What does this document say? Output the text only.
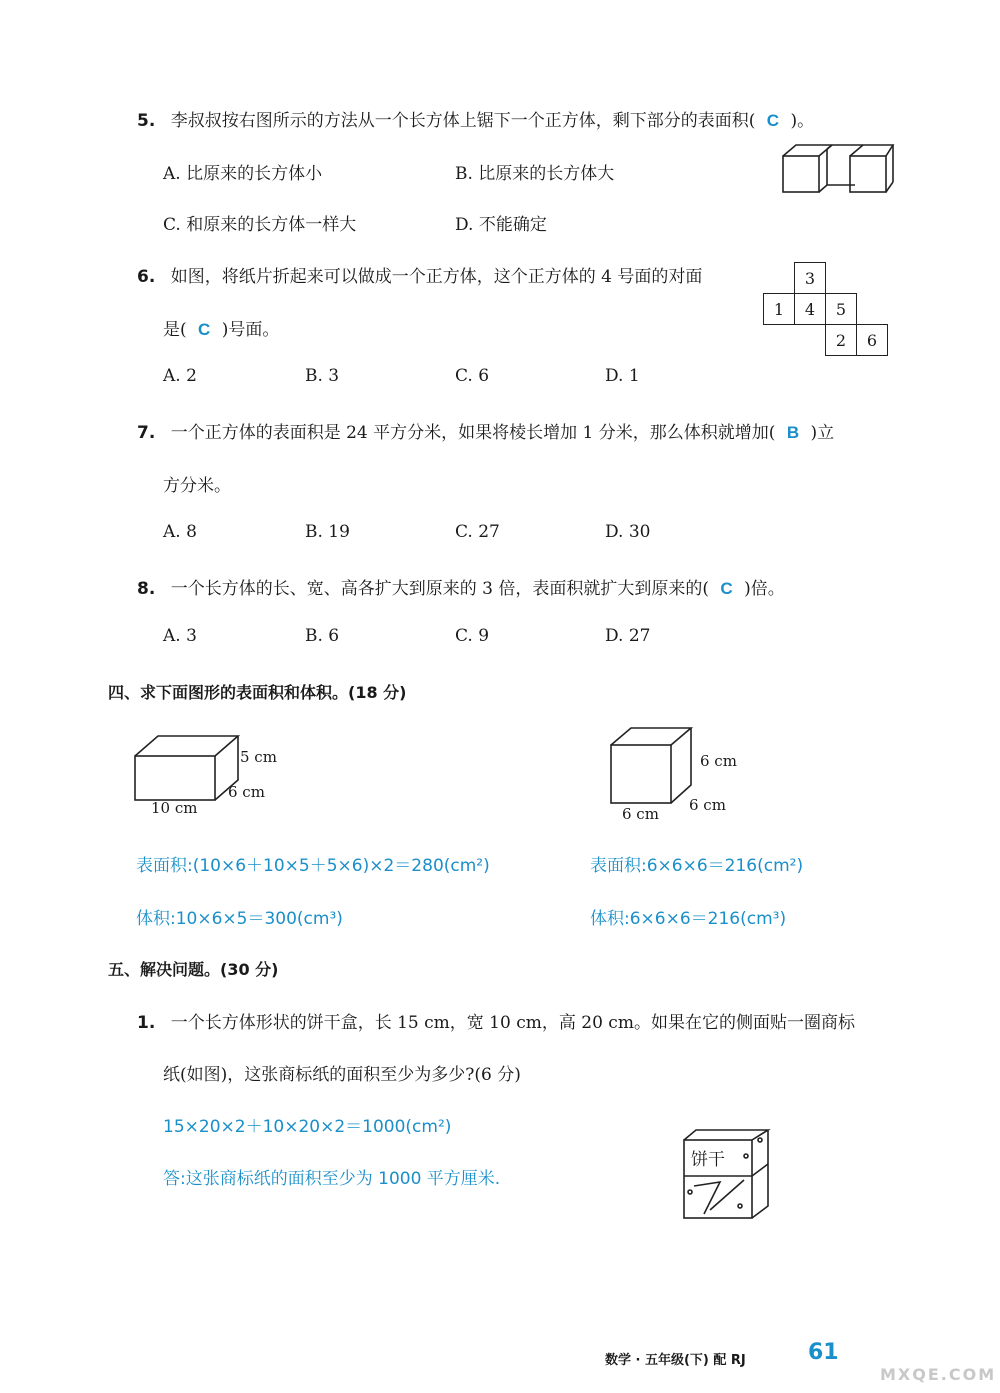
5. 李叔叔按右图所示的方法从一个长方体上锯下一个正方体，剩下部分的表面积( C )。
A. 比原来的长方体小	B. 比原来的长方体大
C. 和原来的长方体一样大	D. 不能确定
6. 如图，将纸片折起来可以做成一个正方体，这个正方体的 4 号面的对面
是( C )号面。
A. 2	B. 3	C. 6	D. 1
	3		
1	4	5	
		2	6
7. 一个正方体的表面积是 24 平方分米，如果将棱长增加 1 分米，那么体积就增加( B )立
方分米。
A. 8	B. 19	C. 27	D. 30
8. 一个长方体的长、宽、高各扩大到原来的 3 倍，表面积就扩大到原来的( C )倍。
A. 3	B. 6	C. 9	D. 27
四、求下面图形的表面积和体积。(18 分)
5 cm
6 cm
10 cm
6 cm
6 cm
6 cm
表面积:(10×6＋10×5＋5×6)×2＝280(cm²)
体积:10×6×5＝300(cm³)
表面积:6×6×6＝216(cm²)
体积:6×6×6＝216(cm³)
五、解决问题。(30 分)
1. 一个长方体形状的饼干盒，长 15 cm，宽 10 cm，高 20 cm。如果在它的侧面贴一圈商标
纸(如图)，这张商标纸的面积至少为多少?(6 分)
15×20×2＋10×20×2＝1000(cm²)
答:这张商标纸的面积至少为 1000 平方厘米.
饼干
数学 · 五年级(下) 配 RJ	61
MXQE.COM
